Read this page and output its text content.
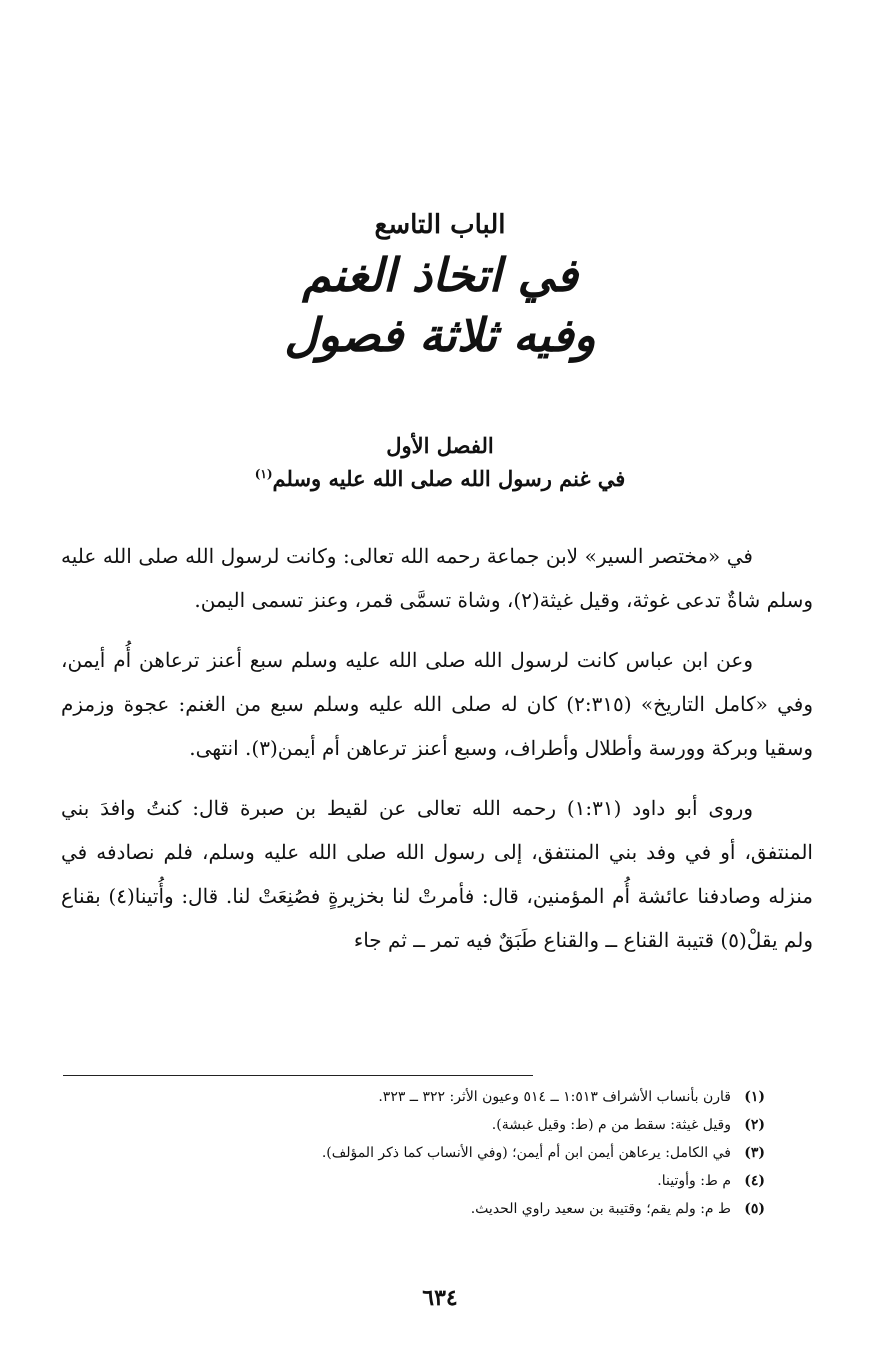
الباب التاسع
في اتخاذ الغنم
وفيه ثلاثة فصول
الفصل الأول
في غنم رسول الله صلى الله عليه وسلم$^{(١)}$

في «مختصر السير» لابن جماعة رحمه الله تعالى: وكانت لرسول الله صلى الله عليه وسلم شاةٌ تدعى غوثة، وقيل غيثة(٢)، وشاة تسمَّى قمر، وعنز تسمى اليمن.

وعن ابن عباس كانت لرسول الله صلى الله عليه وسلم سبع أعنز ترعاهن أُم أيمن، وفي «كامل التاريخ» (٢:٣١٥) كان له صلى الله عليه وسلم سبع من الغنم: عجوة وزمزم وسقيا وبركة وورسة وأطلال وأطراف، وسبع أعنز ترعاهن أم أيمن(٣). انتهى.

وروى أبو داود (١:٣١) رحمه الله تعالى عن لقيط بن صبرة قال: كنتُ وافدَ بني المنتفق، أو في وفد بني المنتفق، إلى رسول الله صلى الله عليه وسلم، فلم نصادفه في منزله وصادفنا عائشة أُم المؤمنين، قال: فأمرتْ لنا بخزيرةٍ فصُنِعَتْ لنا. قال: وأُتينا(٤) بقناع ولم يقلْ(٥) قتيبة القناع ــ والقناع طَبَقٌ فيه تمر ــ ثم جاء

(١)قارن بأنساب الأشراف ١:٥١٣ ــ ٥١٤ وعيون الأثر: ٣٢٢ ــ ٣٢٣.
(٢)وقيل غيثة: سقط من م (ط: وقيل غبشة).
(٣)في الكامل: يرعاهن أيمن ابن أم أيمن؛ (وفي الأنساب كما ذكر المؤلف).
(٤)م ط: وأوتينا.
(٥)ط م: ولم يقم؛ وقتيبة بن سعيد راوي الحديث.
٦٣٤
